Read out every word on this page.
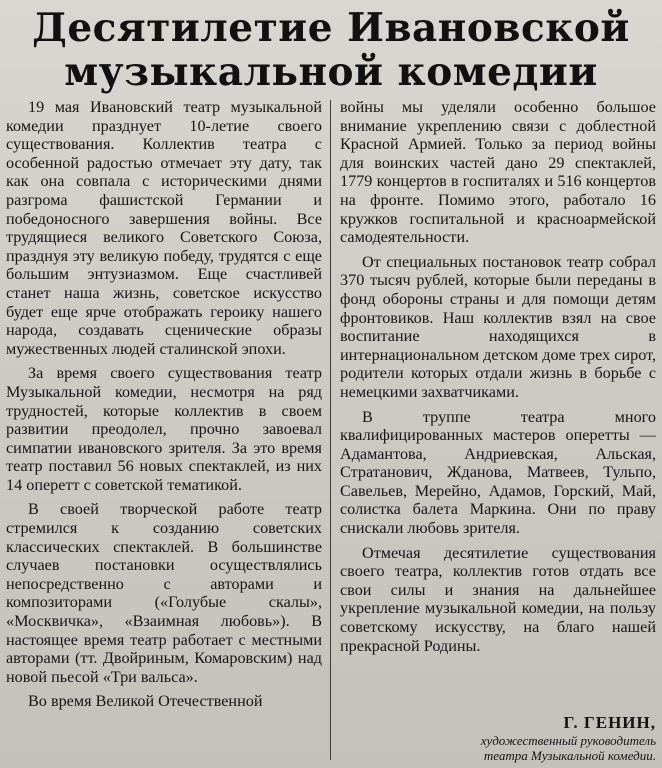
Десятилетие Ивановской
музыкальной комедии

19 мая Ивановский театр музыкальной комедии празднует 10-летие своего существования. Коллектив театра с особенной радостью отмечает эту дату, так как она совпала с историческими днями разгрома фашистской Германии и победоносного завершения войны. Все трудящиеся великого Советского Союза, празднуя эту великую победу, трудятся с еще большим энтузиазмом. Еще счастливей станет наша жизнь, советское искусство будет еще ярче отображать героику нашего народа, создавать сценические образы мужественных людей сталинской эпохи.

За время своего существования театр Музыкальной комедии, несмотря на ряд трудностей, которые коллектив в своем развитии преодолел, прочно завоевал симпатии ивановского зрителя. За это время театр поставил 56 новых спектаклей, из них 14 оперетт с советской тематикой.

В своей творческой работе театр стремился к созданию советских классических спектаклей. В большинстве случаев постановки осуществлялись непосредственно с авторами и композиторами («Голубые скалы», «Москвичка», «Взаимная любовь»). В настоящее время театр работает с местными авторами (тт. Двойриным, Комаровским) над новой пьесой «Три вальса».

Во время Великой Отечественной

войны мы уделяли особенно большое внимание укреплению связи с доблестной Красной Армией. Только за период войны для воинских частей дано 29 спектаклей, 1779 концертов в госпиталях и 516 концертов на фронте. Помимо этого, работало 16 кружков госпитальной и красноармейской самодеятельности.

От специальных постановок театр собрал 370 тысяч рублей, которые были переданы в фонд обороны страны и для помощи детям фронтовиков. Наш коллектив взял на свое воспитание находящихся в интернациональном детском доме трех сирот, родители которых отдали жизнь в борьбе с немецкими захватчиками.

В труппе театра много квалифицированных мастеров оперетты — Адамантова, Андриевская, Альская, Стратанович, Жданова, Матвеев, Тульпо, Савельев, Мерейно, Адамов, Горский, Май, солистка балета Маркина. Они по праву снискали любовь зрителя.

Отмечая десятилетие существования своего театра, коллектив готов отдать все свои силы и знания на дальнейшее укрепление музыкальной комедии, на пользу советскому искусству, на благо нашей прекрасной Родины.

Г. ГЕНИН,
художественный руководитель
театра Музыкальной комедии.
